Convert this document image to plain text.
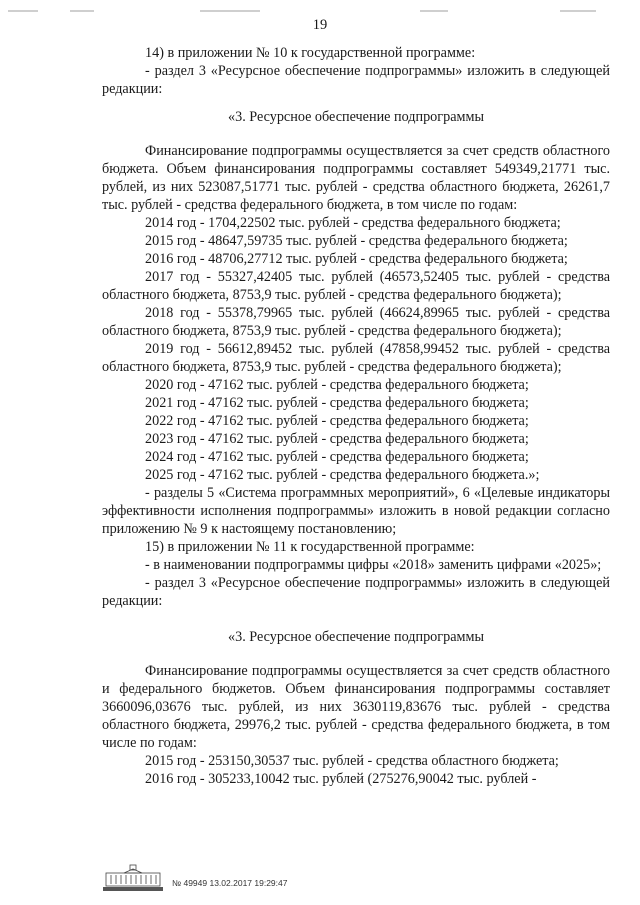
19
14) в приложении № 10 к государственной программе:
- раздел 3 «Ресурсное обеспечение подпрограммы» изложить в следующей редакции:
«3. Ресурсное обеспечение подпрограммы
Финансирование подпрограммы осуществляется за счет средств областного бюджета. Объем финансирования подпрограммы составляет 549349,21771 тыс. рублей, из них 523087,51771 тыс. рублей - средства областного бюджета, 26261,7 тыс. рублей - средства федерального бюджета, в том числе по годам:
2014 год - 1704,22502 тыс. рублей - средства федерального бюджета;
2015 год - 48647,59735 тыс. рублей - средства федерального бюджета;
2016 год - 48706,27712 тыс. рублей - средства федерального бюджета;
2017 год - 55327,42405 тыс. рублей (46573,52405 тыс. рублей - средства областного бюджета, 8753,9 тыс. рублей - средства федерального бюджета);
2018 год - 55378,79965 тыс. рублей (46624,89965 тыс. рублей - средства областного бюджета, 8753,9 тыс. рублей - средства федерального бюджета);
2019 год - 56612,89452 тыс. рублей (47858,99452 тыс. рублей - средства областного бюджета, 8753,9 тыс. рублей - средства федерального бюджета);
2020 год - 47162 тыс. рублей - средства федерального бюджета;
2021 год - 47162 тыс. рублей - средства федерального бюджета;
2022 год - 47162 тыс. рублей - средства федерального бюджета;
2023 год - 47162 тыс. рублей - средства федерального бюджета;
2024 год - 47162 тыс. рублей - средства федерального бюджета;
2025 год - 47162 тыс. рублей - средства федерального бюджета.»;
- разделы 5 «Система программных мероприятий», 6 «Целевые индикаторы эффективности исполнения подпрограммы» изложить в новой редакции согласно приложению № 9 к настоящему постановлению;
15) в приложении № 11 к государственной программе:
- в наименовании подпрограммы цифры «2018» заменить цифрами «2025»;
- раздел 3 «Ресурсное обеспечение подпрограммы» изложить в следующей редакции:
«3. Ресурсное обеспечение подпрограммы
Финансирование подпрограммы осуществляется за счет средств областного и федерального бюджетов. Объем финансирования подпрограммы составляет 3660096,03676 тыс. рублей, из них 3630119,83676 тыс. рублей - средства областного бюджета, 29976,2 тыс. рублей - средства федерального бюджета, в том числе по годам:
2015 год - 253150,30537 тыс. рублей - средства областного бюджета;
2016 год - 305233,10042 тыс. рублей (275276,90042 тыс. рублей -
№ 49949 13.02.2017 19:29:47
